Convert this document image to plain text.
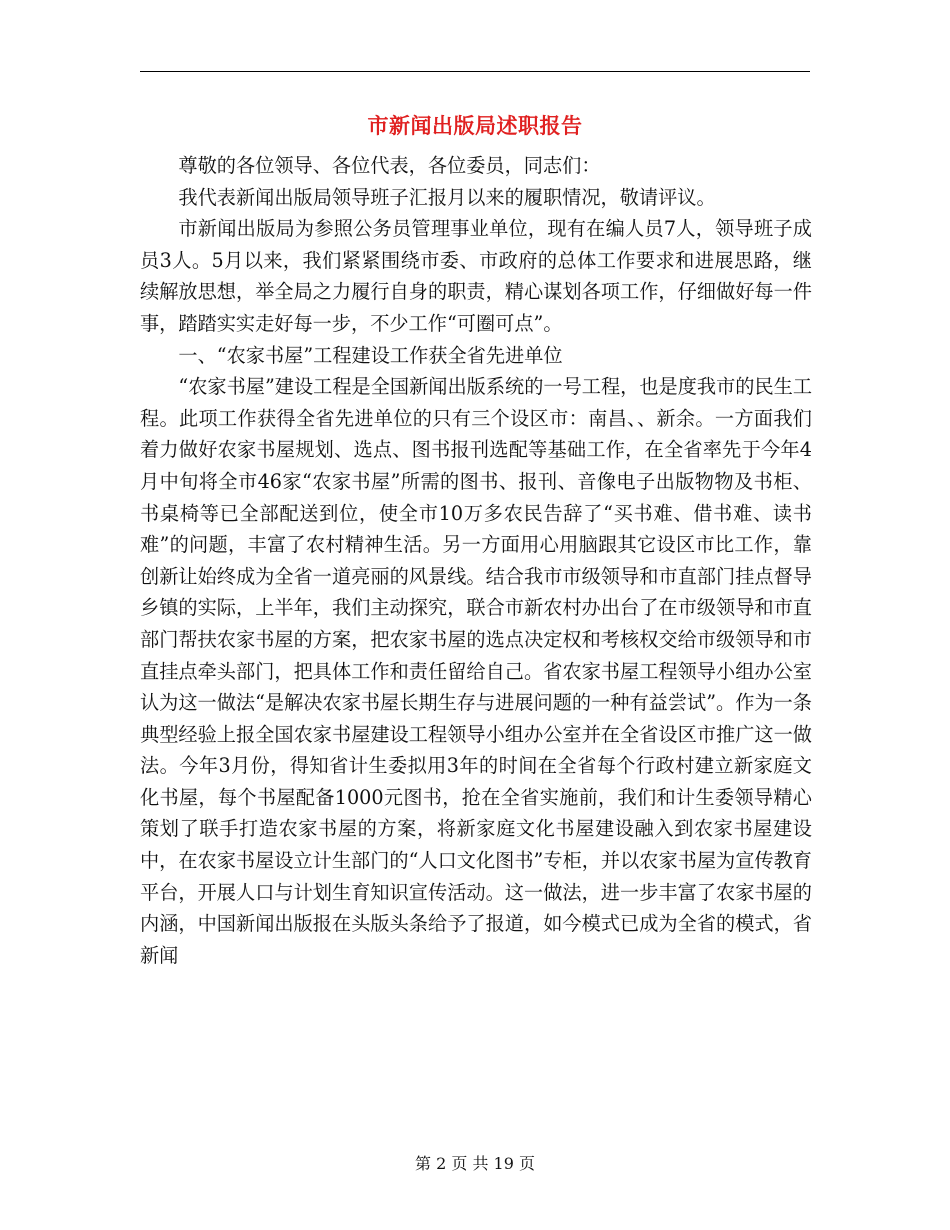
市新闻出版局述职报告

尊敬的各位领导、各位代表，各位委员，同志们：

我代表新闻出版局领导班子汇报月以来的履职情况，敬请评议。

市新闻出版局为参照公务员管理事业单位，现有在编人员7人，领导班子成员3人。5月以来，我们紧紧围绕市委、市政府的总体工作要求和进展思路，继续解放思想，举全局之力履行自身的职责，精心谋划各项工作，仔细做好每一件事，踏踏实实走好每一步，不少工作“可圈可点”。

一、“农家书屋”工程建设工作获全省先进单位

“农家书屋”建设工程是全国新闻出版系统的一号工程，也是度我市的民生工程。此项工作获得全省先进单位的只有三个设区市：南昌、、新余。一方面我们着力做好农家书屋规划、选点、图书报刊选配等基础工作，在全省率先于今年4月中旬将全市46家“农家书屋”所需的图书、报刊、音像电子出版物物及书柜、书桌椅等已全部配送到位，使全市10万多农民告辞了“买书难、借书难、读书难”的问题，丰富了农村精神生活。另一方面用心用脑跟其它设区市比工作，靠创新让始终成为全省一道亮丽的风景线。结合我市市级领导和市直部门挂点督导乡镇的实际，上半年，我们主动探究，联合市新农村办出台了在市级领导和市直部门帮扶农家书屋的方案，把农家书屋的选点决定权和考核权交给市级领导和市直挂点牵头部门，把具体工作和责任留给自己。省农家书屋工程领导小组办公室认为这一做法“是解决农家书屋长期生存与进展问题的一种有益尝试”。作为一条典型经验上报全国农家书屋建设工程领导小组办公室并在全省设区市推广这一做法。今年3月份，得知省计生委拟用3年的时间在全省每个行政村建立新家庭文化书屋，每个书屋配备1000元图书，抢在全省实施前，我们和计生委领导精心策划了联手打造农家书屋的方案，将新家庭文化书屋建设融入到农家书屋建设中，在农家书屋设立计生部门的“人口文化图书”专柜，并以农家书屋为宣传教育平台，开展人口与计划生育知识宣传活动。这一做法，进一步丰富了农家书屋的内涵，中国新闻出版报在头版头条给予了报道，如今模式已成为全省的模式，省新闻

第 2 页 共 19 页
